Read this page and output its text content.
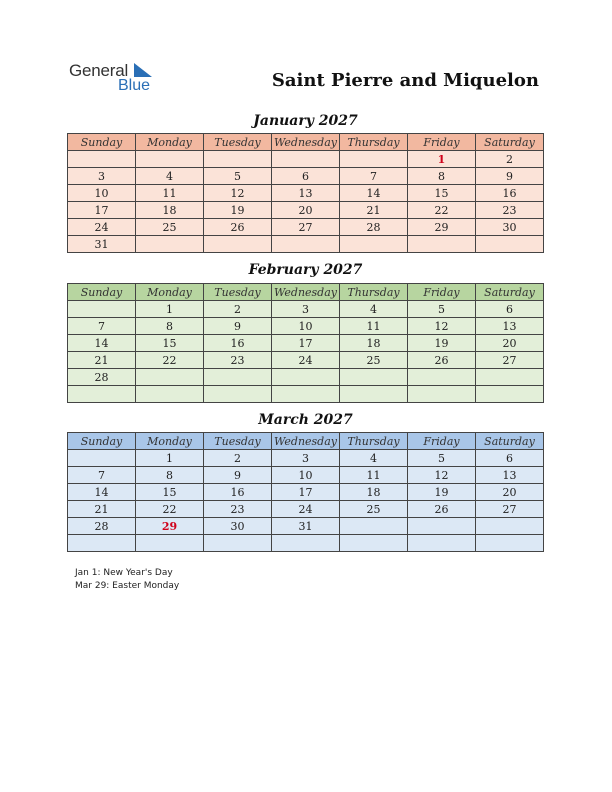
General
Blue	Saint Pierre and Miquelon
January 2027
Sunday	Monday	Tuesday	Wednesday	Thursday	Friday	Saturday
					1	2
3	4	5	6	7	8	9
10	11	12	13	14	15	16
17	18	19	20	21	22	23
24	25	26	27	28	29	30
31						
February 2027
Sunday	Monday	Tuesday	Wednesday	Thursday	Friday	Saturday
	1	2	3	4	5	6
7	8	9	10	11	12	13
14	15	16	17	18	19	20
21	22	23	24	25	26	27
28						

March 2027
Sunday	Monday	Tuesday	Wednesday	Thursday	Friday	Saturday
	1	2	3	4	5	6
7	8	9	10	11	12	13
14	15	16	17	18	19	20
21	22	23	24	25	26	27
28	29	30	31			

Jan 1: New Year's Day
Mar 29: Easter Monday
